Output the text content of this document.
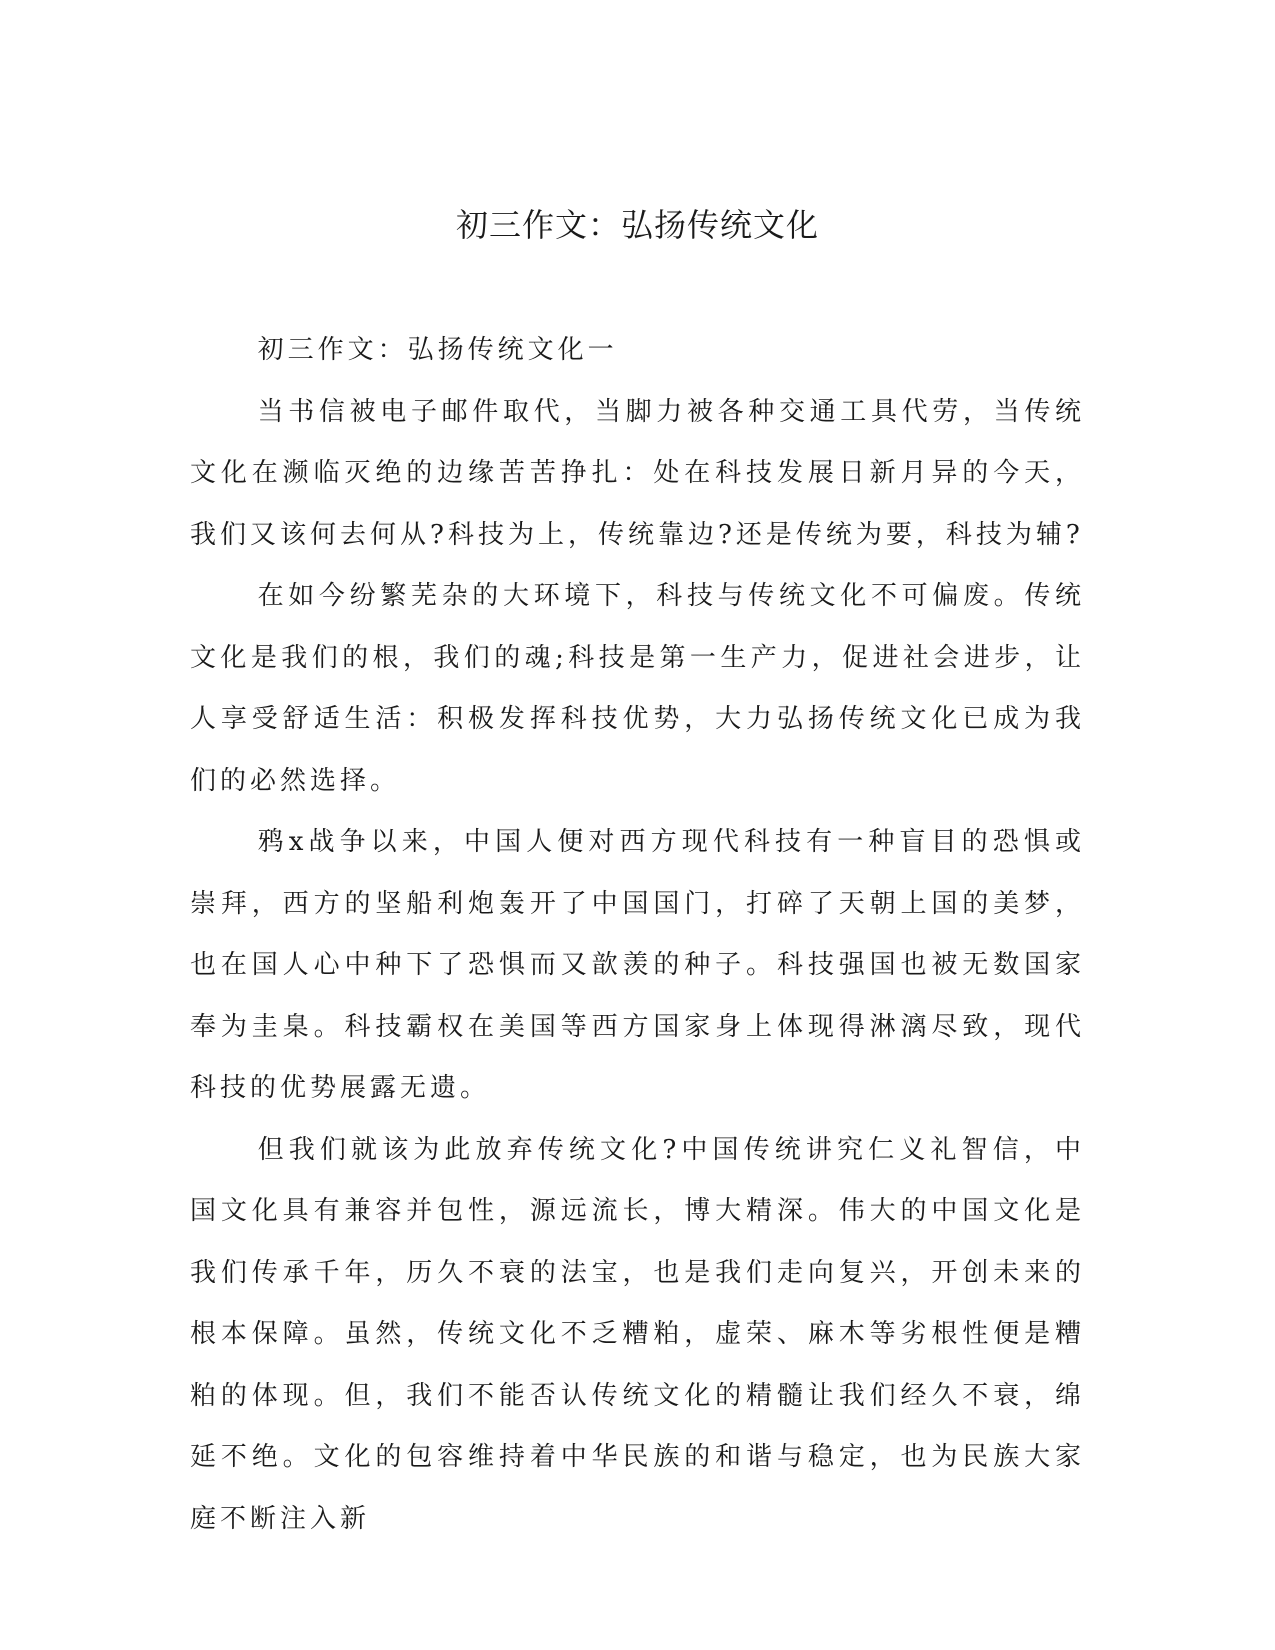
初三作文：弘扬传统文化

初三作文：弘扬传统文化一

当书信被电子邮件取代，当脚力被各种交通工具代劳，当传统文化在濒临灭绝的边缘苦苦挣扎：处在科技发展日新月异的今天，我们又该何去何从?科技为上，传统靠边?还是传统为要，科技为辅?

在如今纷繁芜杂的大环境下，科技与传统文化不可偏废。传统文化是我们的根，我们的魂;科技是第一生产力，促进社会进步，让人享受舒适生活：积极发挥科技优势，大力弘扬传统文化已成为我们的必然选择。

鸦x战争以来，中国人便对西方现代科技有一种盲目的恐惧或崇拜，西方的坚船利炮轰开了中国国门，打碎了天朝上国的美梦，也在国人心中种下了恐惧而又歆羡的种子。科技强国也被无数国家奉为圭臬。科技霸权在美国等西方国家身上体现得淋漓尽致，现代科技的优势展露无遗。

但我们就该为此放弃传统文化?中国传统讲究仁义礼智信，中国文化具有兼容并包性，源远流长，博大精深。伟大的中国文化是我们传承千年，历久不衰的法宝，也是我们走向复兴，开创未来的根本保障。虽然，传统文化不乏糟粕，虚荣、麻木等劣根性便是糟粕的体现。但，我们不能否认传统文化的精髓让我们经久不衰，绵延不绝。文化的包容维持着中华民族的和谐与稳定，也为民族大家庭不断注入新
